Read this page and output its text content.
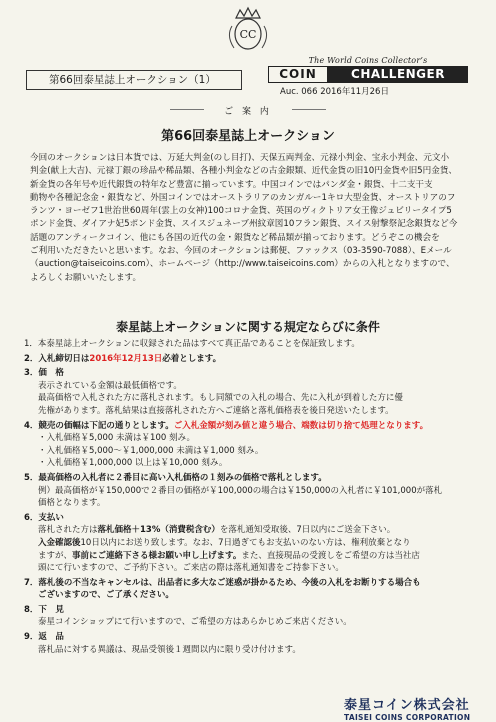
CC
第66回泰星誌上オークション（1）
The World Coins Collector’s
COIN	CHALLENGER
Auc. 066 2016年11月26日
ご 案 内
第66回泰星誌上オークション

今回のオークションは日本貨では、万延大判金(のし目打)、天保五両判金、元禄小判金、宝永小判金、元文小

判金(献上大吉)、元禄丁銀の珍品や稀品類、各種小判金などの古金銀類、近代金貨の旧10円金貨や旧5円金貨、

新金貨の各年号や近代銀貨の特年など豊富に揃っています。中国コインではパンダ金・銀貨、十二支干支

動物や各種記念金・銀貨など、外国コインではオーストラリアのカンガルー1キロ大型金貨、オーストリアのフ

ランツ・ヨーゼフ1世治世60周年(雲上の女神)100コロナ金貨、英国のヴィクトリア女王像ジュビリータイプ5

ポンド金貨、ダイアナ妃5ポンド金貨、スイスジュネーブ州紋章図10フラン銀貨、スイス射撃祭記念銀貨など今

話題のアンティークコイン、他にも各国の近代の金・銀貨など稀品類が揃っております。どうぞこの機会を

ご利用いただきたいと思います。なお、今回のオークションは郵便、ファックス（03-3590-7088）、Eメール

（auction@taiseicoins.com）、ホームページ（http://www.taiseicoins.com）からの入札となりますので、

よろしくお願いいたします。

泰星誌上オークションに関する規定ならびに条件
1．本泰星誌上オークションに収録された品はすべて真正品であることを保証致します。
2．入札締切日は2016年12月13日必着とします。
3．価　格
表示されている金額は最低価格です。
最高価格で入札された方に落札されます。もし同額での入札の場合、先に入札が到着した方に優
先権があります。落札結果は直接落札された方へご連絡と落札価格表を後日発送いたします。
4．競売の価幅は下記の通りとします。ご入札金額が刻み値と違う場合、端数は切り捨て処理となります。
・入札価格￥5,000 未満は￥100 刻み。
・入札価格￥5,000～￥1,000,000 未満は￥1,000 刻み。
・入札価格￥1,000,000 以上は￥10,000 刻み。
5．最高価格の入札者に２番目に高い入札価格の１刻みの価格で落札とします。
例）最高価格が￥150,000で２番目の価格が￥100,000の場合は￥150,000の入札者に￥101,000が落札
価格となります。
6．支払い
落札された方は落札価格＋13%（消費税含む）を落札通知受取後、7日以内にご送金下さい。
入金確認後10日以内にお送り致します。なお、7日過ぎてもお支払いのない方は、権利放棄となり
ますが、事前にご連絡下さる様お願い申し上げます。また、直接現品の受渡しをご希望の方は当社店
頭にて行いますので、ご予約下さい。ご来店の際は落札通知書をご持参下さい。
7．落札後の不当なキャンセルは、出品者に多大なご迷惑が掛かるため、今後の入札をお断りする場合も
ございますので、ご了承ください。
8．下　見
泰星コインショップにて行いますので、ご希望の方はあらかじめご来店ください。
9．返　品
落札品に対する異議は、現品受領後１週間以内に限り受け付けます。
泰星コイン株式会社
TAISEI COINS CORPORATION
